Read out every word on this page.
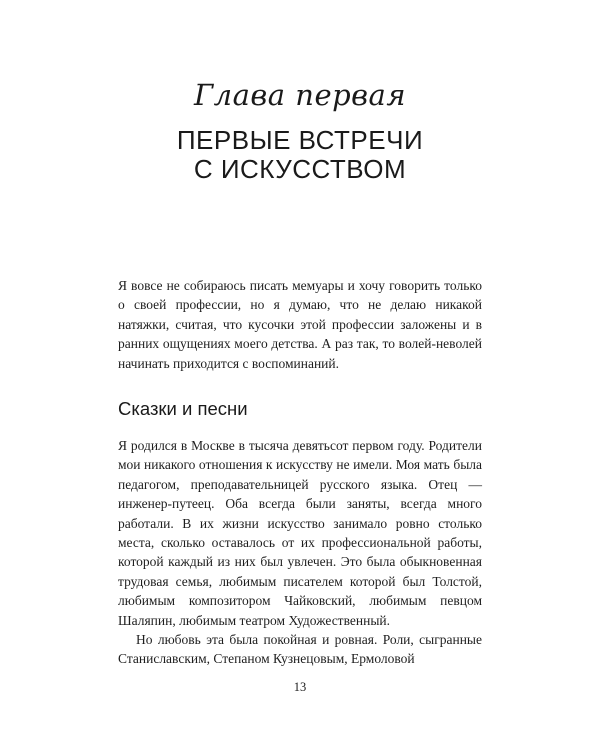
Глава первая
ПЕРВЫЕ ВСТРЕЧИ
С ИСКУССТВОМ

Я вовсе не собираюсь писать мемуары и хочу говорить только о своей профессии, но я думаю, что не делаю никакой натяжки, считая, что кусочки этой профессии заложены и в ранних ощущениях моего детства. А раз так, то волей-неволей начинать приходится с воспоминаний.

Сказки и песни

Я родился в Москве в тысяча девятьсот первом году. Родители мои никакого отношения к искусству не имели. Моя мать была педагогом, преподавательницей русского языка. Отец — инженер-путеец. Оба всегда были заняты, всегда много работали. В их жизни искусство занимало ровно столько места, сколько оставалось от их профессиональной работы, которой каждый из них был увлечен. Это была обыкновенная трудовая семья, любимым писателем которой был Толстой, любимым композитором Чайковский, любимым певцом Шаляпин, любимым театром Художественный.

Но любовь эта была покойная и ровная. Роли, сыгранные Станиславским, Степаном Кузнецовым, Ермоловой

13
